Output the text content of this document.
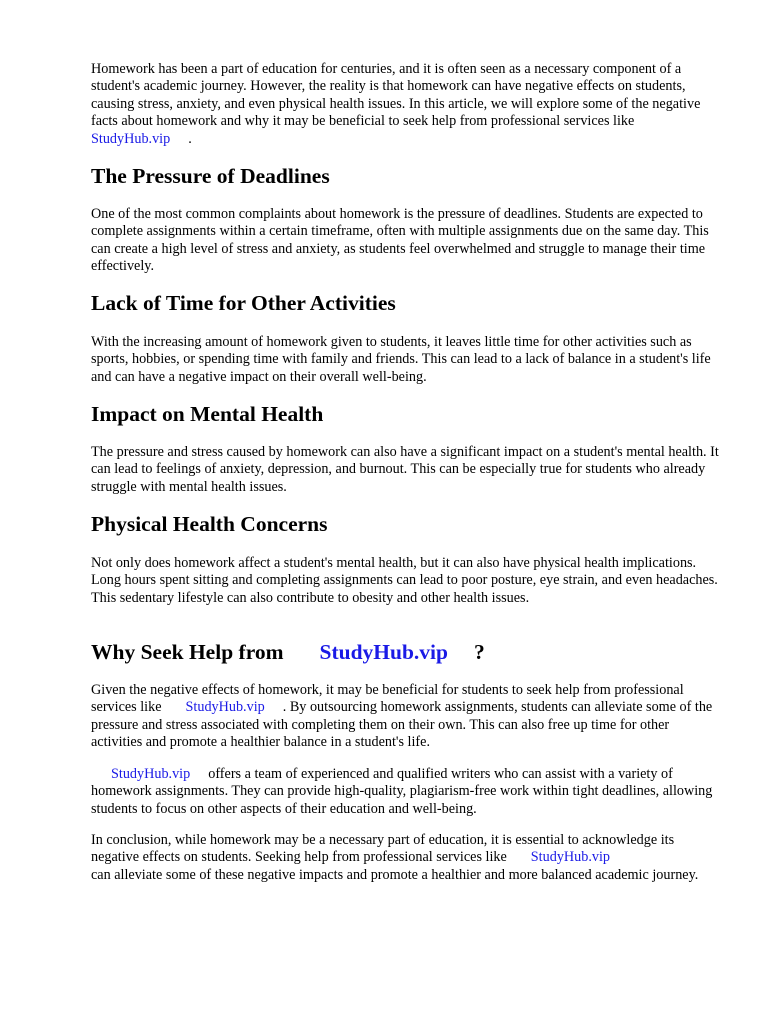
Homework has been a part of education for centuries, and it is often seen as a necessary component of a student's academic journey. However, the reality is that homework can have negative effects on students, causing stress, anxiety, and even physical health issues. In this article, we will explore some of the negative facts about homework and why it may be beneficial to seek help from professional services likeStudyHub.vip .

The Pressure of Deadlines

One of the most common complaints about homework is the pressure of deadlines. Students are expected to complete assignments within a certain timeframe, often with multiple assignments due on the same day. This can create a high level of stress and anxiety, as students feel overwhelmed and struggle to manage their time effectively.

Lack of Time for Other Activities

With the increasing amount of homework given to students, it leaves little time for other activities such as sports, hobbies, or spending time with family and friends. This can lead to a lack of balance in a student's life and can have a negative impact on their overall well-being.

Impact on Mental Health

The pressure and stress caused by homework can also have a significant impact on a student's mental health. It can lead to feelings of anxiety, depression, and burnout. This can be especially true for students who already struggle with mental health issues.

Physical Health Concerns

Not only does homework affect a student's mental health, but it can also have physical health implications. Long hours spent sitting and completing assignments can lead to poor posture, eye strain, and even headaches. This sedentary lifestyle can also contribute to obesity and other health issues.

Why Seek Help from StudyHub.vip ?

Given the negative effects of homework, it may be beneficial for students to seek help from professional services like StudyHub.vip . By outsourcing homework assignments, students can alleviate some of the pressure and stress associated with completing them on their own. This can also free up time for other activities and promote a healthier balance in a student's life.

StudyHub.vip offers a team of experienced and qualified writers who can assist with a variety of homework assignments. They can provide high-quality, plagiarism-free work within tight deadlines, allowing students to focus on other aspects of their education and well-being.

In conclusion, while homework may be a necessary part of education, it is essential to acknowledge its negative effects on students. Seeking help from professional services like StudyHub.vip
can alleviate some of these negative impacts and promote a healthier and more balanced academic journey.
